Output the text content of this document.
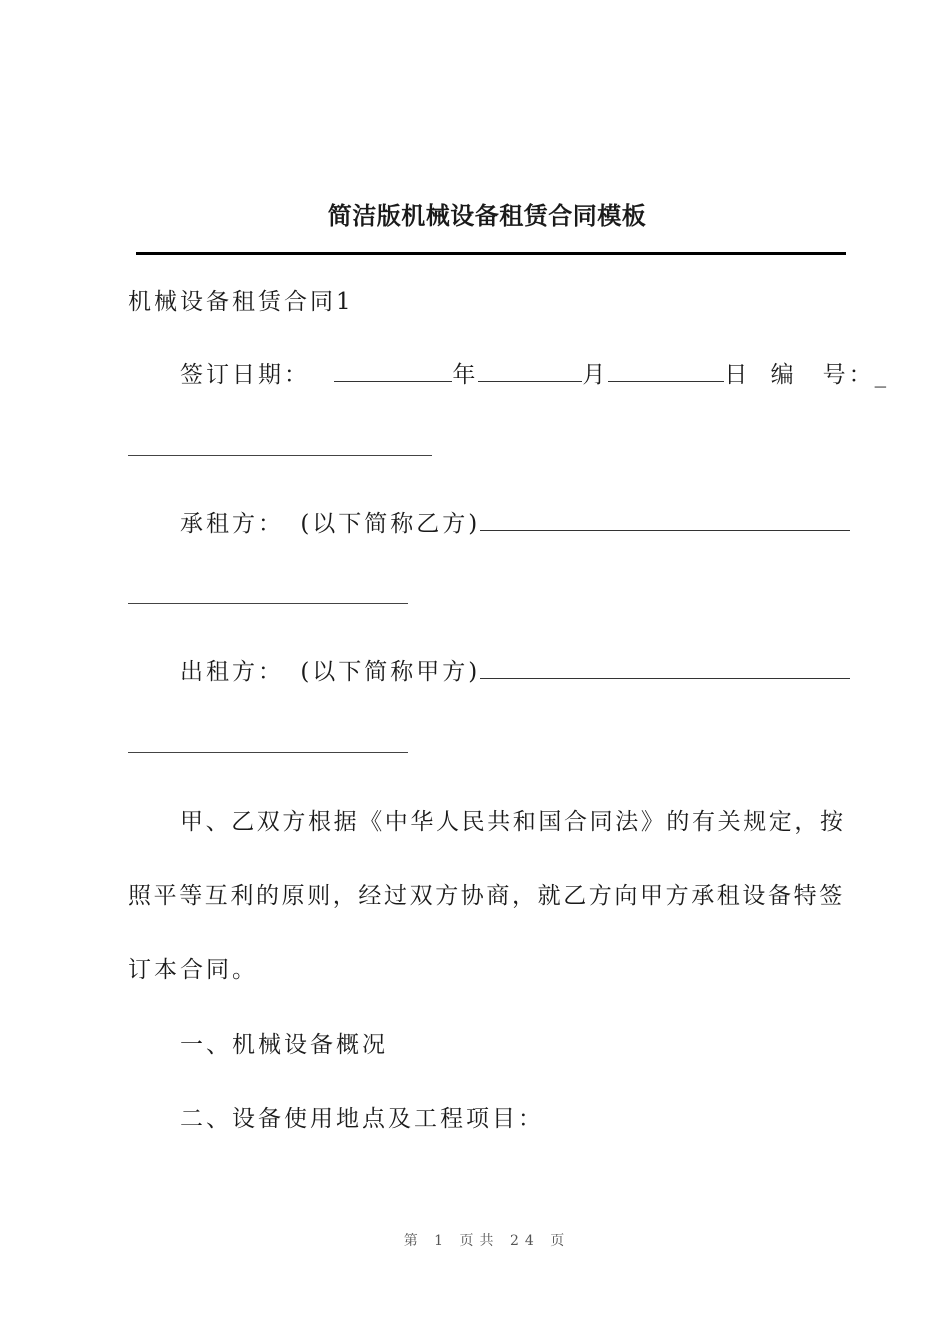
简洁版机械设备租赁合同模板
机械设备租赁合同1
签订日期：	年	月	日 编　号：_
承租方： (以下简称乙方)
出租方： (以下简称甲方)
甲、乙双方根据《中华人民共和国合同法》的有关规定，按
照平等互利的原则，经过双方协商，就乙方向甲方承租设备特签
订本合同。
一、机械设备概况
二、设备使用地点及工程项目：
第 1 页共 24 页
